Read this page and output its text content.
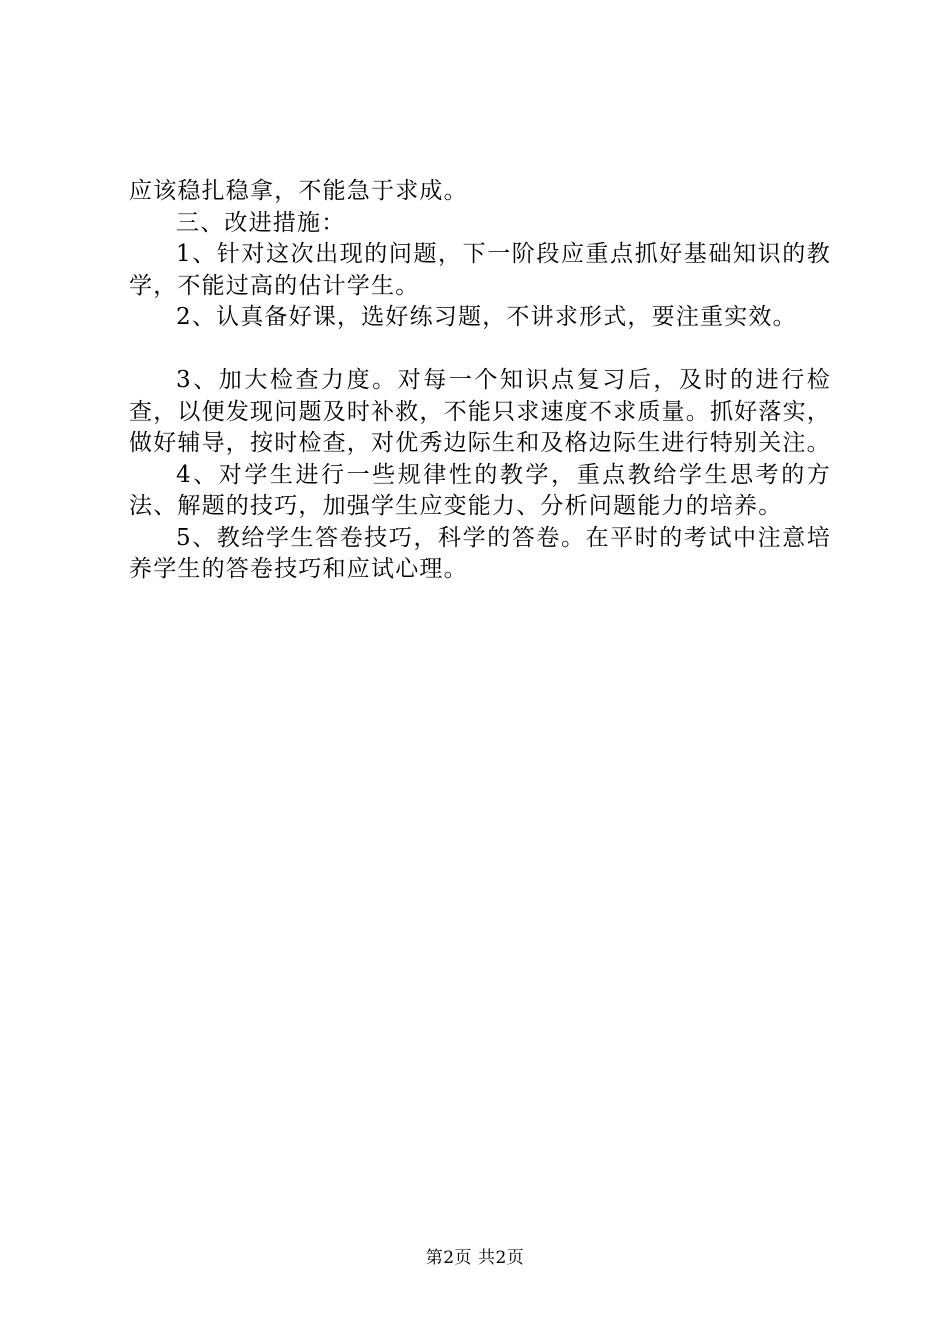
应该稳扎稳拿，不能急于求成。

三、改进措施：

1、针对这次出现的问题，下一阶段应重点抓好基础知识的教学，不能过高的估计学生。

2、认真备好课，选好练习题，不讲求形式，要注重实效。

3、加大检查力度。对每一个知识点复习后，及时的进行检查，以便发现问题及时补救，不能只求速度不求质量。抓好落实，做好辅导，按时检查，对优秀边际生和及格边际生进行特别关注。

4、对学生进行一些规律性的教学，重点教给学生思考的方法、解题的技巧，加强学生应变能力、分析问题能力的培养。

5、教给学生答卷技巧，科学的答卷。在平时的考试中注意培养学生的答卷技巧和应试心理。

第2页 共2页
